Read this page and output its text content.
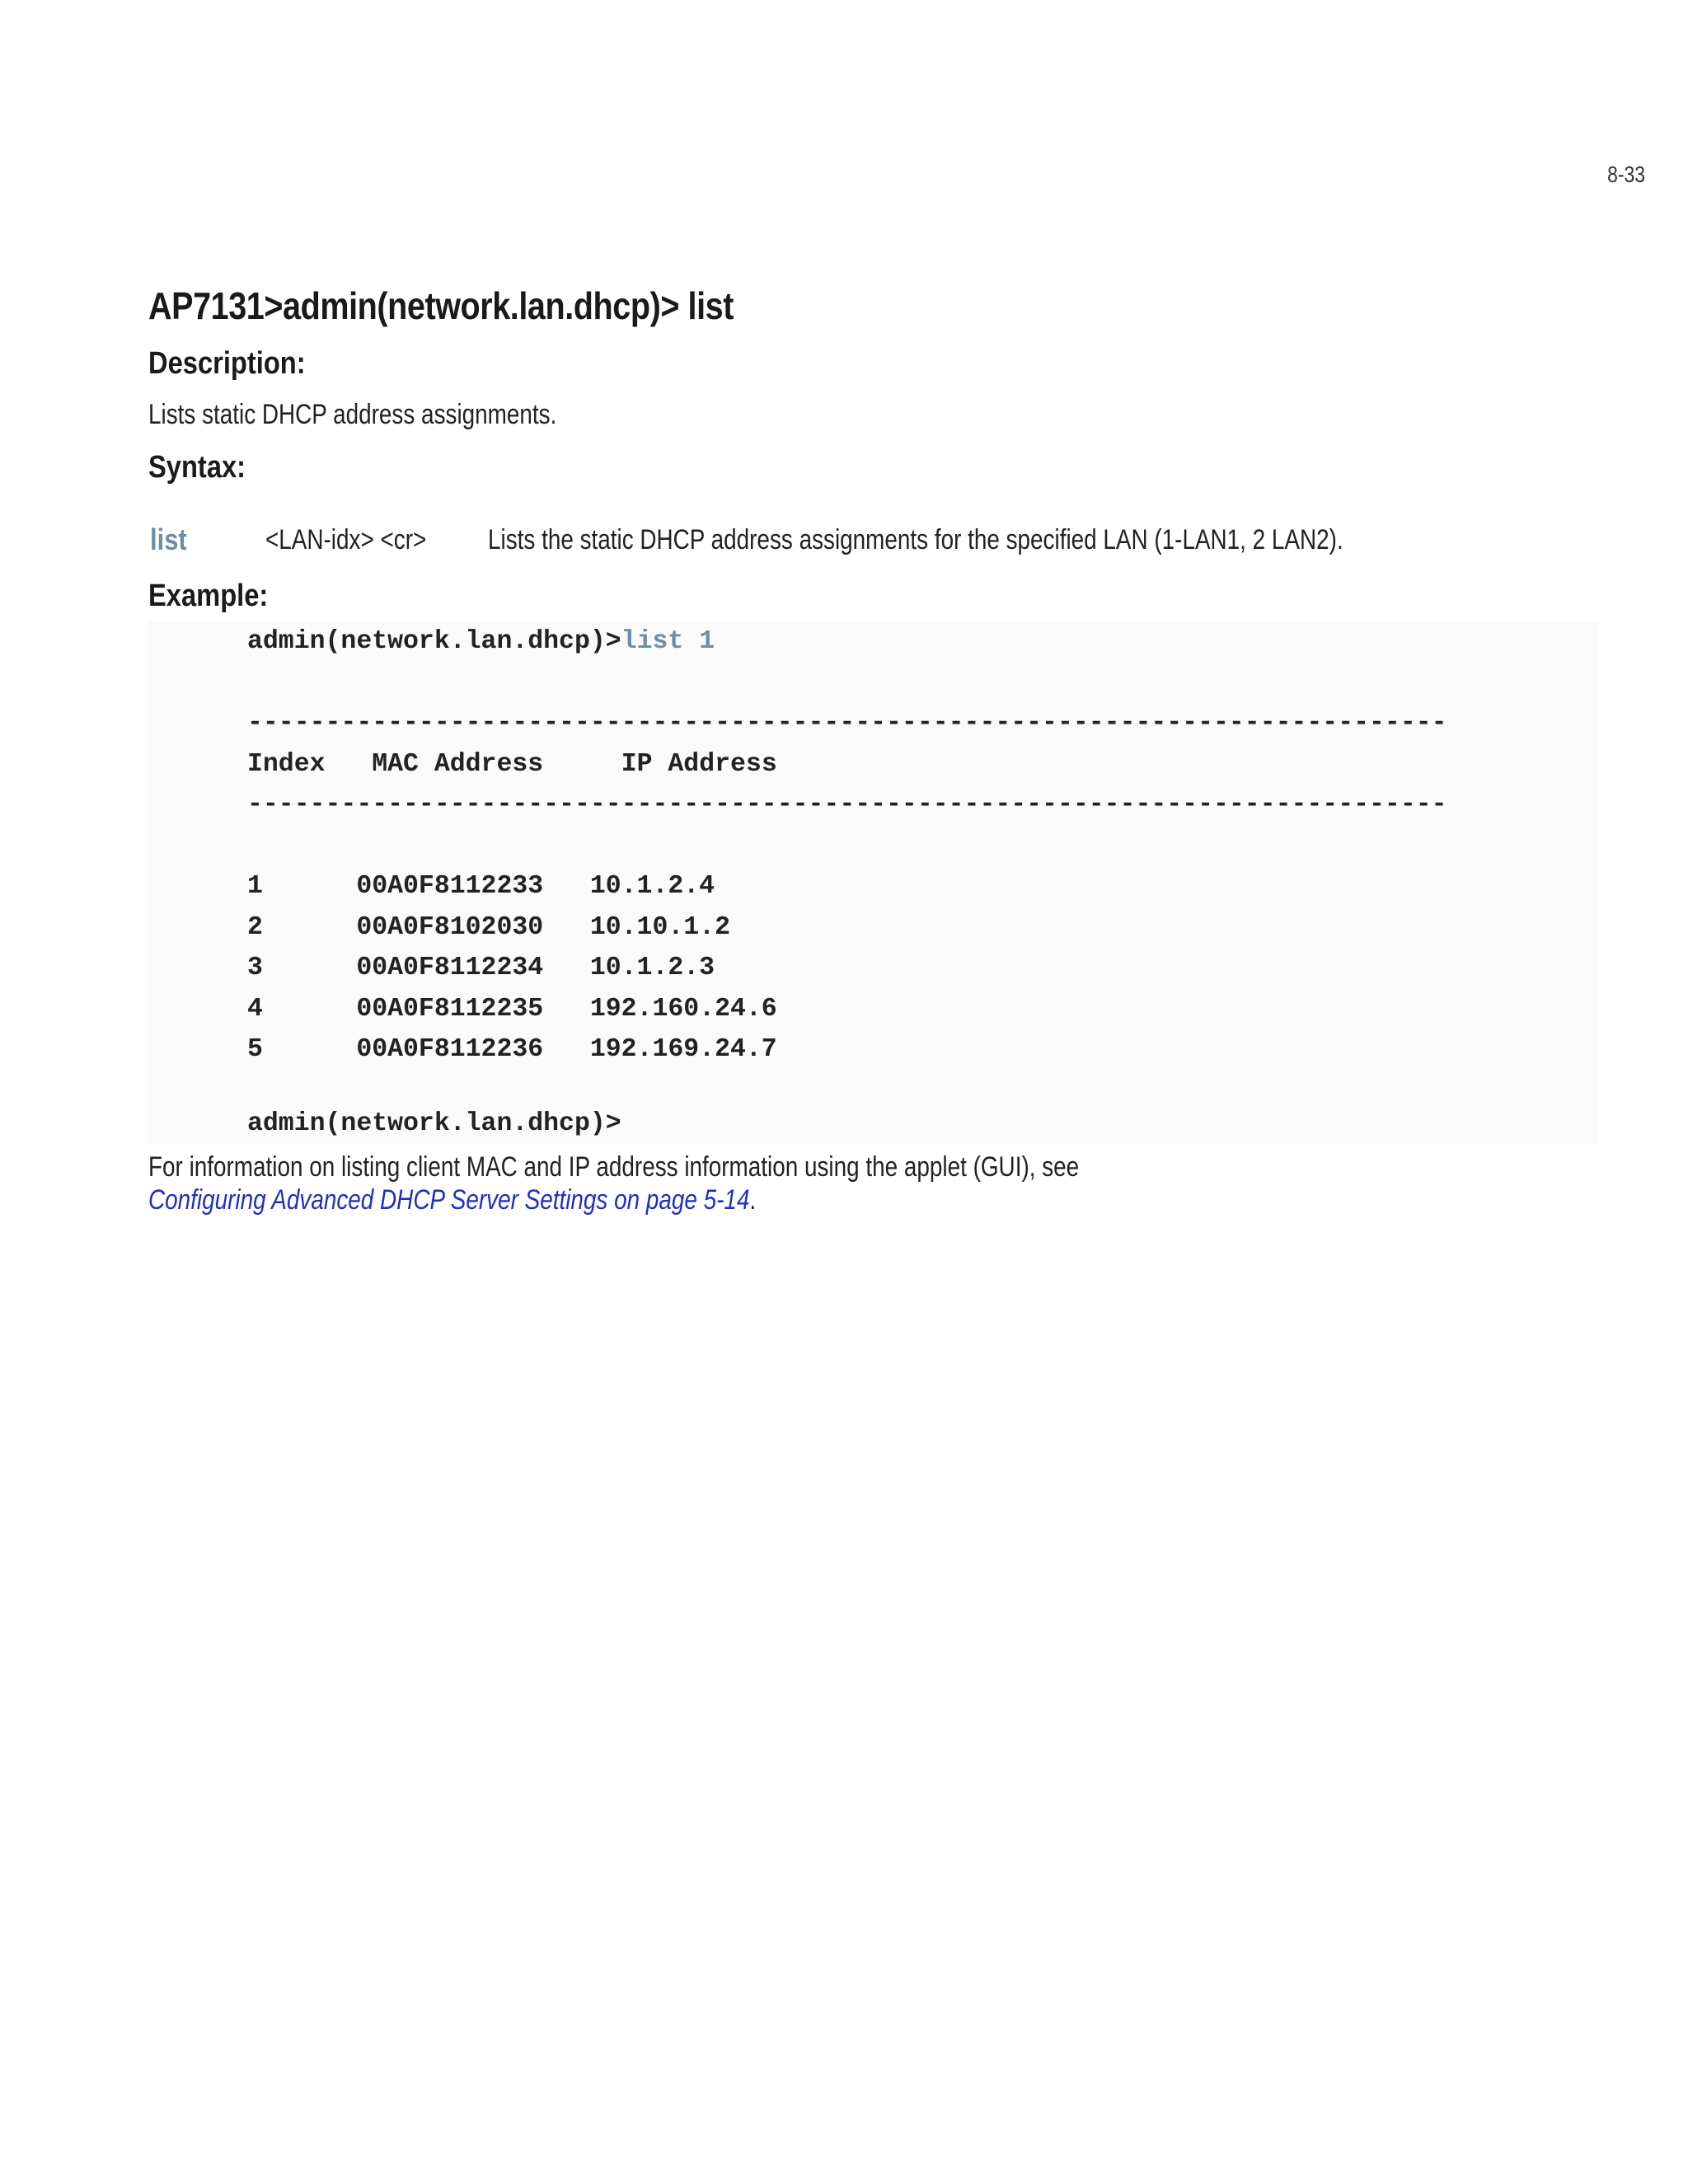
8-33
AP7131>admin(network.lan.dhcp)> list
Description:
Lists static DHCP address assignments.
Syntax:
list	<LAN-idx> <cr> Lists the static DHCP address assignments for the specified LAN (1-LAN1, 2 LAN2).
Example:
admin(network.lan.dhcp)>list 1
-----------------------------------------------------------------------------
Index MAC Address	IP Address
-----------------------------------------------------------------------------
1	00A0F8112233 10.1.2.4
2	00A0F8102030 10.10.1.2
3	00A0F8112234 10.1.2.3
4	00A0F8112235 192.160.24.6
5	00A0F8112236 192.169.24.7
admin(network.lan.dhcp)>
For information on listing client MAC and IP address information using the applet (GUI), see
Configuring Advanced DHCP Server Settings on page 5-14.
